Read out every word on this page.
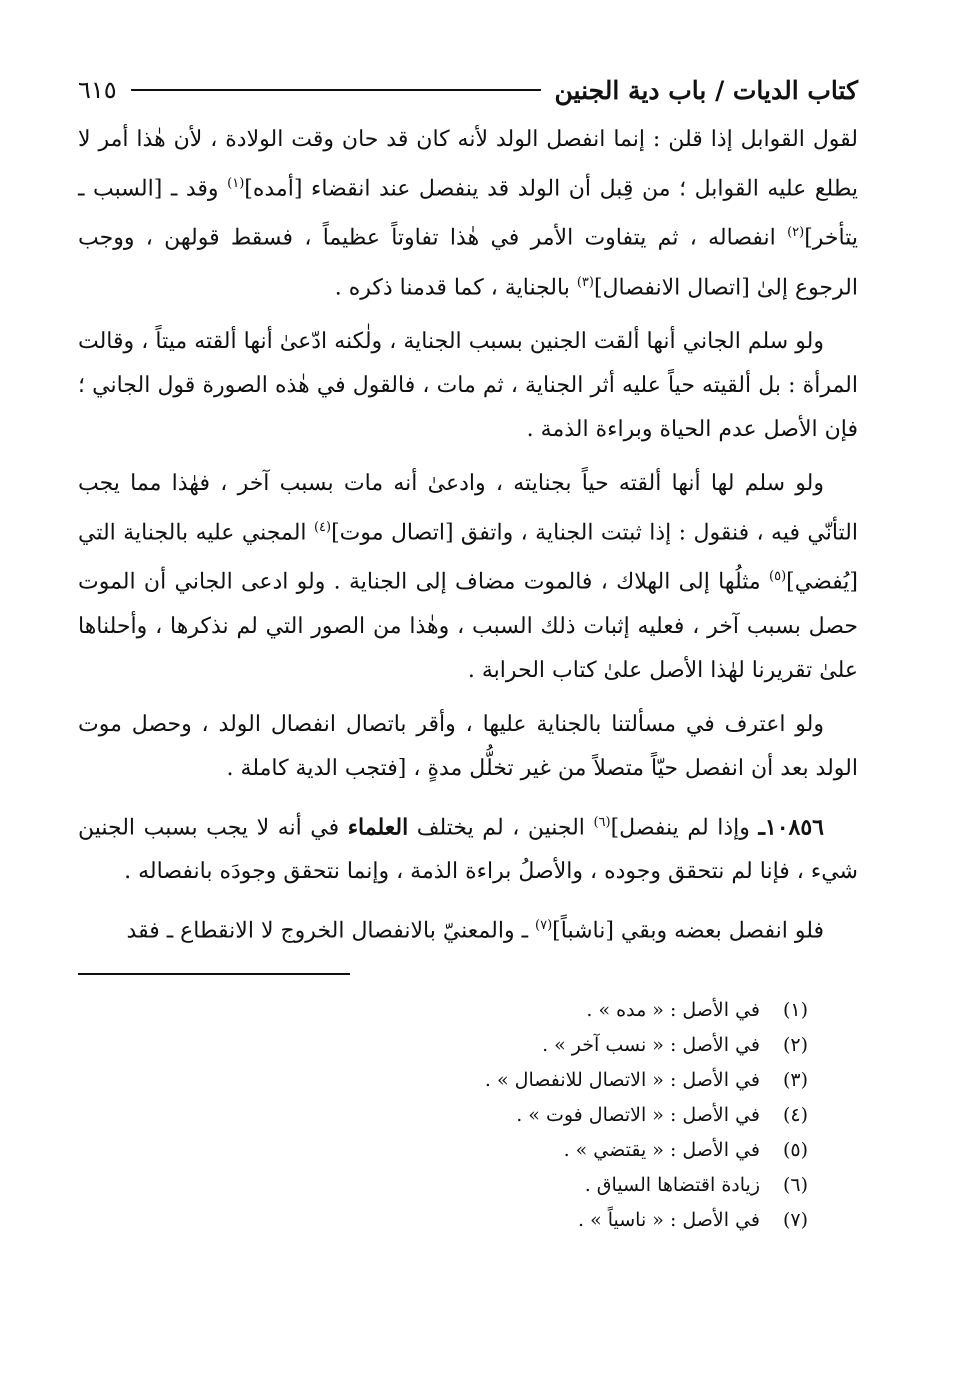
كتاب الديات / باب دية الجنين
٦١٥

لقول القوابل إذا قلن : إنما انفصل الولد لأنه كان قد حان وقت الولادة ، لأن هٰذا أمر لا يطلع عليه القوابل ؛ من قِبل أن الولد قد ينفصل عند انقضاء [أمده]$^{(١)}$ وقد ـ [السبب ـ يتأخر]$^{(٢)}$ انفصاله ، ثم يتفاوت الأمر في هٰذا تفاوتاً عظيماً ، فسقط قولهن ، ووجب الرجوع إلىٰ [اتصال الانفصال]$^{(٣)}$ بالجناية ، كما قدمنا ذكره .

ولو سلم الجاني أنها ألقت الجنين بسبب الجناية ، ولٰكنه ادّعىٰ أنها ألقته ميتاً ، وقالت المرأة : بل ألقيته حياً عليه أثر الجناية ، ثم مات ، فالقول في هٰذه الصورة قول الجاني ؛ فإن الأصل عدم الحياة وبراءة الذمة .

ولو سلم لها أنها ألقته حياً بجنايته ، وادعىٰ أنه مات بسبب آخر ، فهٰذا مما يجب التأنّي فيه ، فنقول : إذا ثبتت الجناية ، واتفق [اتصال موت]$^{(٤)}$ المجني عليه بالجناية التي [يُفضي]$^{(٥)}$ مثلُها إلى الهلاك ، فالموت مضاف إلى الجناية . ولو ادعى الجاني أن الموت حصل بسبب آخر ، فعليه إثبات ذلك السبب ، وهٰذا من الصور التي لم نذكرها ، وأحلناها علىٰ تقريرنا لهٰذا الأصل علىٰ كتاب الحرابة .

ولو اعترف في مسألتنا بالجناية عليها ، وأقر باتصال انفصال الولد ، وحصل موت الولد بعد أن انفصل حيّاً متصلاً من غير تخلُّل مدةٍ ، [فتجب الدية كاملة .

١٠٨٥٦ـ وإذا لم ينفصل]$^{(٦)}$ الجنين ، لم يختلف العلماء في أنه لا يجب بسبب الجنين شيء ، فإنا لم نتحقق وجوده ، والأصلُ براءة الذمة ، وإنما نتحقق وجودَه بانفصاله .

فلو انفصل بعضه وبقي [ناشباً]$^{(٧)}$ ـ والمعنيّ بالانفصال الخروج لا الانقطاع ـ فقد

(١)في الأصل : « مده » .
(٢)في الأصل : « نسب آخر » .
(٣)في الأصل : « الاتصال للانفصال » .
(٤)في الأصل : « الاتصال فوت » .
(٥)في الأصل : « يقتضي » .
(٦)زيادة اقتضاها السياق .
(٧)في الأصل : « ناسياً » .
